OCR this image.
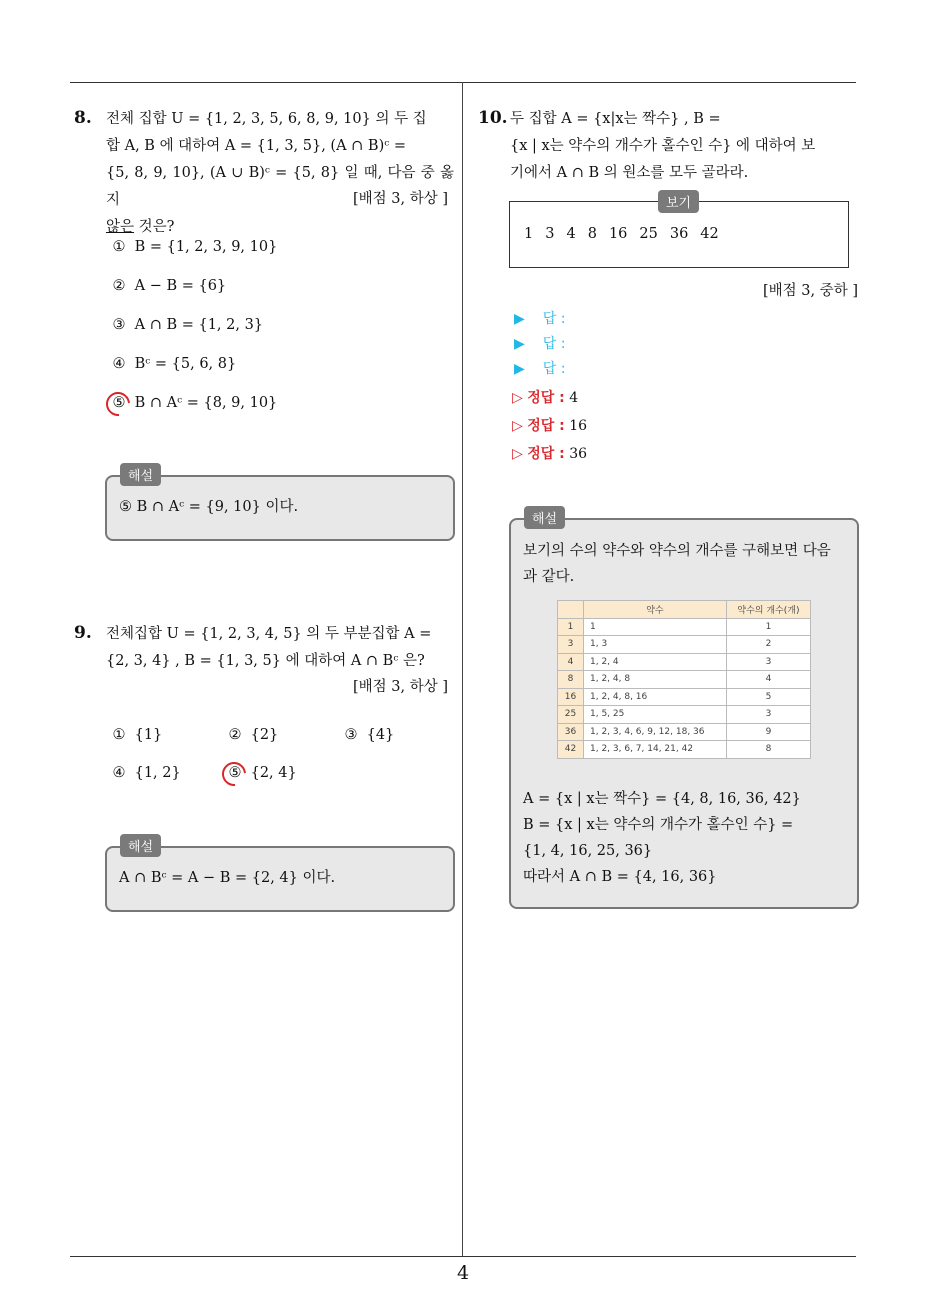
4
8. 전체 집합 U = {1, 2, 3, 5, 6, 8, 9, 10} 의 두 집
합 A, B 에 대하여 A = {1, 3, 5}, (A ∩ B)ᶜ =
{5, 8, 9, 10}, (A ∪ B)ᶜ = {5, 8} 일 때, 다음 중 옳지
않은 것은?
[배점 3, 하상 ]
① B = {1, 2, 3, 9, 10}
② A − B = {6}
③ A ∩ B = {1, 2, 3}
④ Bᶜ = {5, 6, 8}
⑤ B ∩ Aᶜ = {8, 9, 10}
⑤ B ∩ Aᶜ = {9, 10} 이다.
해설
9. 전체집합 U = {1, 2, 3, 4, 5} 의 두 부분집합 A =
{2, 3, 4} , B = {1, 3, 5} 에 대하여 A ∩ Bᶜ 은?
[배점 3, 하상 ]
① {1}	② {2}	③ {4}
④ {1, 2}	⑤ {2, 4}
A ∩ Bᶜ = A − B = {2, 4} 이다.
해설
10. 두 집합 A = {x|x는 짝수} , B =
{x | x는 약수의 개수가 홀수인 수} 에 대하여 보
기에서 A ∩ B 의 원소를 모두 골라라.
1 3 4 8 16 25 36 42
보기
[배점 3, 중하 ]
▶ 답 :
▶ 답 :
▶ 답 :
▷ 정답 : 4
▷ 정답 : 16
▷ 정답 : 36
보기의 수의 약수와 약수의 개수를 구해보면 다음
과 같다.
	약수	약수의 개수(개)
1	1	1
3	1, 3	2
4	1, 2, 4	3
8	1, 2, 4, 8	4
16	1, 2, 4, 8, 16	5
25	1, 5, 25	3
36	1, 2, 3, 4, 6, 9, 12, 18, 36	9
42	1, 2, 3, 6, 7, 14, 21, 42	8
A = {x | x는 짝수} = {4, 8, 16, 36, 42}
B = {x | x는 약수의 개수가 홀수인 수} =
{1, 4, 16, 25, 36}
따라서 A ∩ B = {4, 16, 36}
해설
